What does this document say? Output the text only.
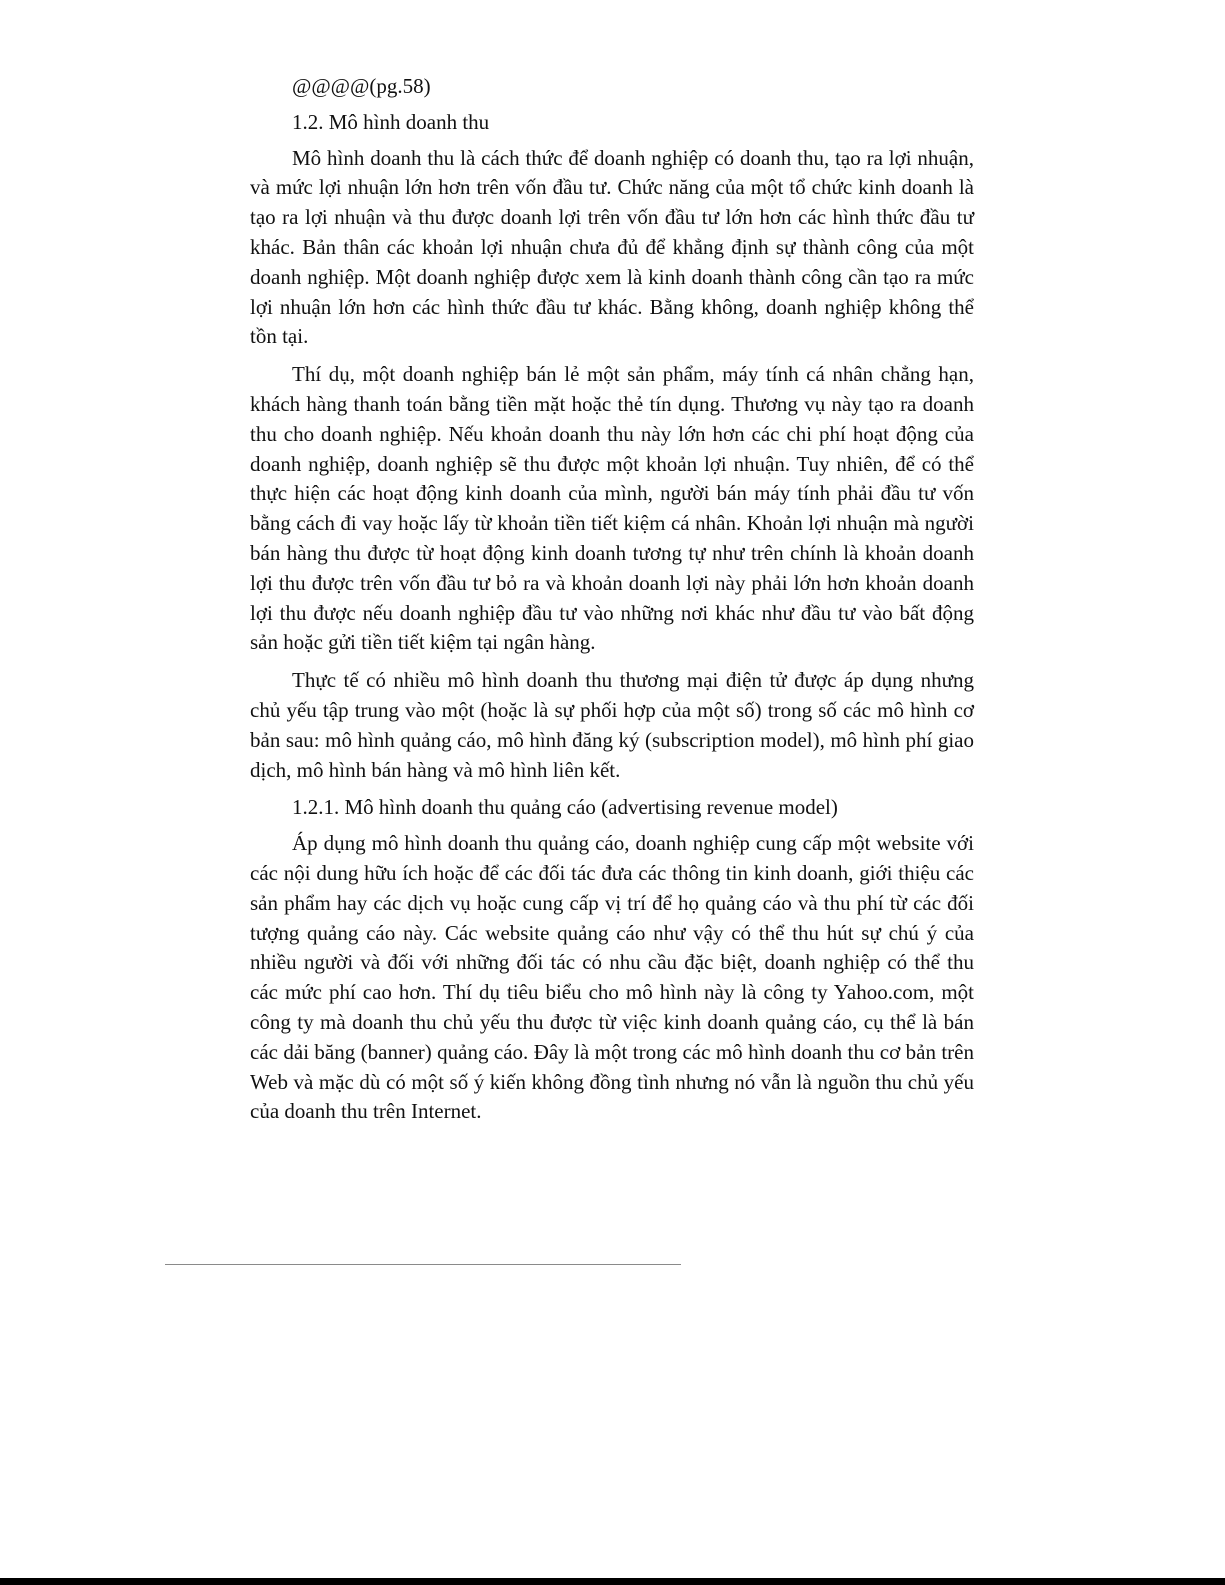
@@@@(pg.58)
1.2. Mô hình doanh thu

Mô hình doanh thu là cách thức để doanh nghiệp có doanh thu, tạo ra lợi nhuận, và mức lợi nhuận lớn hơn trên vốn đầu tư. Chức năng của một tổ chức kinh doanh là tạo ra lợi nhuận và thu được doanh lợi trên vốn đầu tư lớn hơn các hình thức đầu tư khác. Bản thân các khoản lợi nhuận chưa đủ để khẳng định sự thành công của một doanh nghiệp. Một doanh nghiệp được xem là kinh doanh thành công cần tạo ra mức lợi nhuận lớn hơn các hình thức đầu tư khác. Bằng không, doanh nghiệp không thể tồn tại.

Thí dụ, một doanh nghiệp bán lẻ một sản phẩm, máy tính cá nhân chẳng hạn, khách hàng thanh toán bằng tiền mặt hoặc thẻ tín dụng. Thương vụ này tạo ra doanh thu cho doanh nghiệp. Nếu khoản doanh thu này lớn hơn các chi phí hoạt động của doanh nghiệp, doanh nghiệp sẽ thu được một khoản lợi nhuận. Tuy nhiên, để có thể thực hiện các hoạt động kinh doanh của mình, người bán máy tính phải đầu tư vốn bằng cách đi vay hoặc lấy từ khoản tiền tiết kiệm cá nhân. Khoản lợi nhuận mà người bán hàng thu được từ hoạt động kinh doanh tương tự như trên chính là khoản doanh lợi thu được trên vốn đầu tư bỏ ra và khoản doanh lợi này phải lớn hơn khoản doanh lợi thu được nếu doanh nghiệp đầu tư vào những nơi khác như đầu tư vào bất động sản hoặc gửi tiền tiết kiệm tại ngân hàng.

Thực tế có nhiều mô hình doanh thu thương mại điện tử được áp dụng nhưng chủ yếu tập trung vào một (hoặc là sự phối hợp của một số) trong số các mô hình cơ bản sau: mô hình quảng cáo, mô hình đăng ký (subscription model), mô hình phí giao dịch, mô hình bán hàng và mô hình liên kết.

1.2.1. Mô hình doanh thu quảng cáo (advertising revenue model)

Áp dụng mô hình doanh thu quảng cáo, doanh nghiệp cung cấp một website với các nội dung hữu ích hoặc để các đối tác đưa các thông tin kinh doanh, giới thiệu các sản phẩm hay các dịch vụ hoặc cung cấp vị trí để họ quảng cáo và thu phí từ các đối tượng quảng cáo này. Các website quảng cáo như vậy có thể thu hút sự chú ý của nhiều người và đối với những đối tác có nhu cầu đặc biệt, doanh nghiệp có thể thu các mức phí cao hơn. Thí dụ tiêu biểu cho mô hình này là công ty Yahoo.com, một công ty mà doanh thu chủ yếu thu được từ việc kinh doanh quảng cáo, cụ thể là bán các dải băng (banner) quảng cáo. Đây là một trong các mô hình doanh thu cơ bản trên Web và mặc dù có một số ý kiến không đồng tình nhưng nó vẫn là nguồn thu chủ yếu của doanh thu trên Internet.
